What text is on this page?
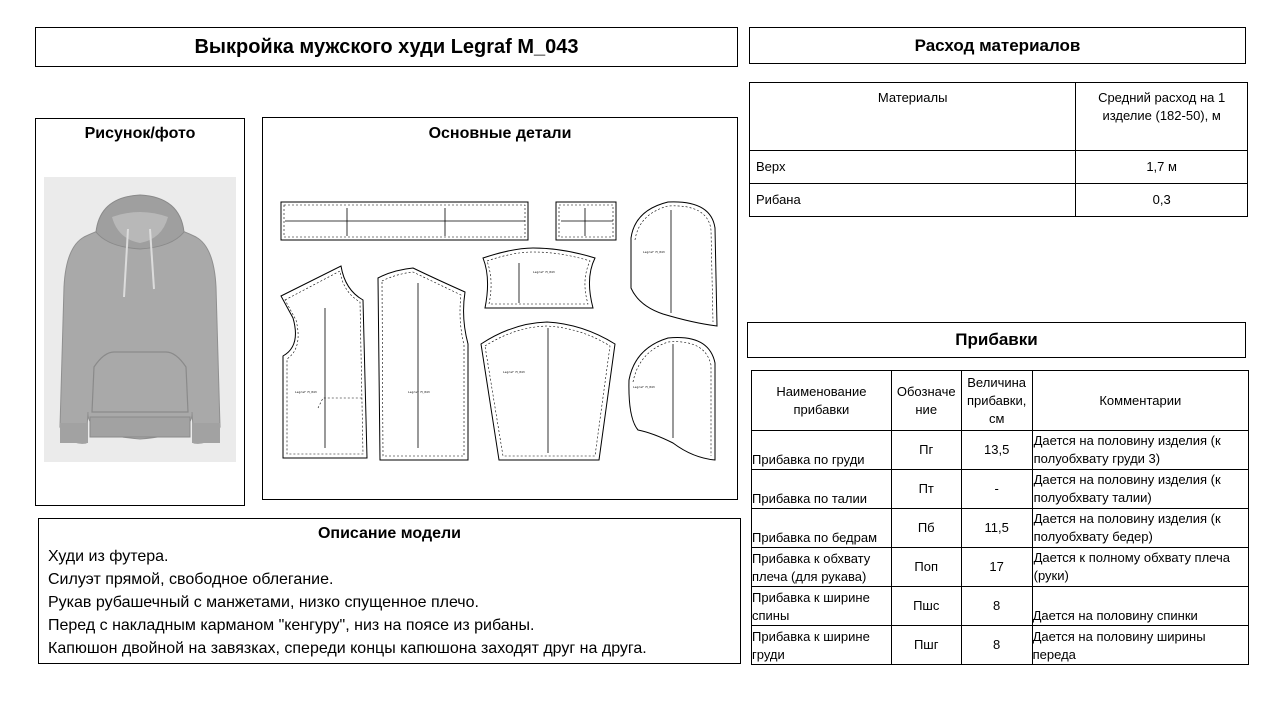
Выкройка мужского худи Legraf M_043
Рисунок/фото	Основные детали
Legraf M_043	Legraf M_043
Legraf M_043
Legraf M_043
Legraf M_043
Legraf M_043
Описание модели
Худи из футера.
Силуэт прямой, свободное облегание.
Рукав рубашечный с манжетами, низко спущенное плечо.
Перед с накладным карманом "кенгуру", низ на поясе из рибаны.
Капюшон двойной на завязках, спереди концы капюшона заходят друг на друга.
Расход материалов
Материалы	Средний расход на 1 изделие (182-50), м
Верх	1,7 м
Рибана	0,3
Прибавки
Наименование прибавки	Обозначе ние	Величина прибавки, см	Комментарии
Прибавка по груди	Пг	13,5	Дается на половину изделия (к полуобхвату груди 3)
Прибавка по талии	Пт	-	Дается на половину изделия (к полуобхвату талии)
Прибавка по бедрам	Пб	11,5	Дается на половину изделия (к полуобхвату бедер)
Прибавка к обхвату плеча (для рукава)	Поп	17	Дается к полному обхвату плеча (руки)
Прибавка к ширине спины	Пшс	8	Дается на половину спинки
Прибавка к ширине груди	Пшг	8	Дается на половину ширины переда
